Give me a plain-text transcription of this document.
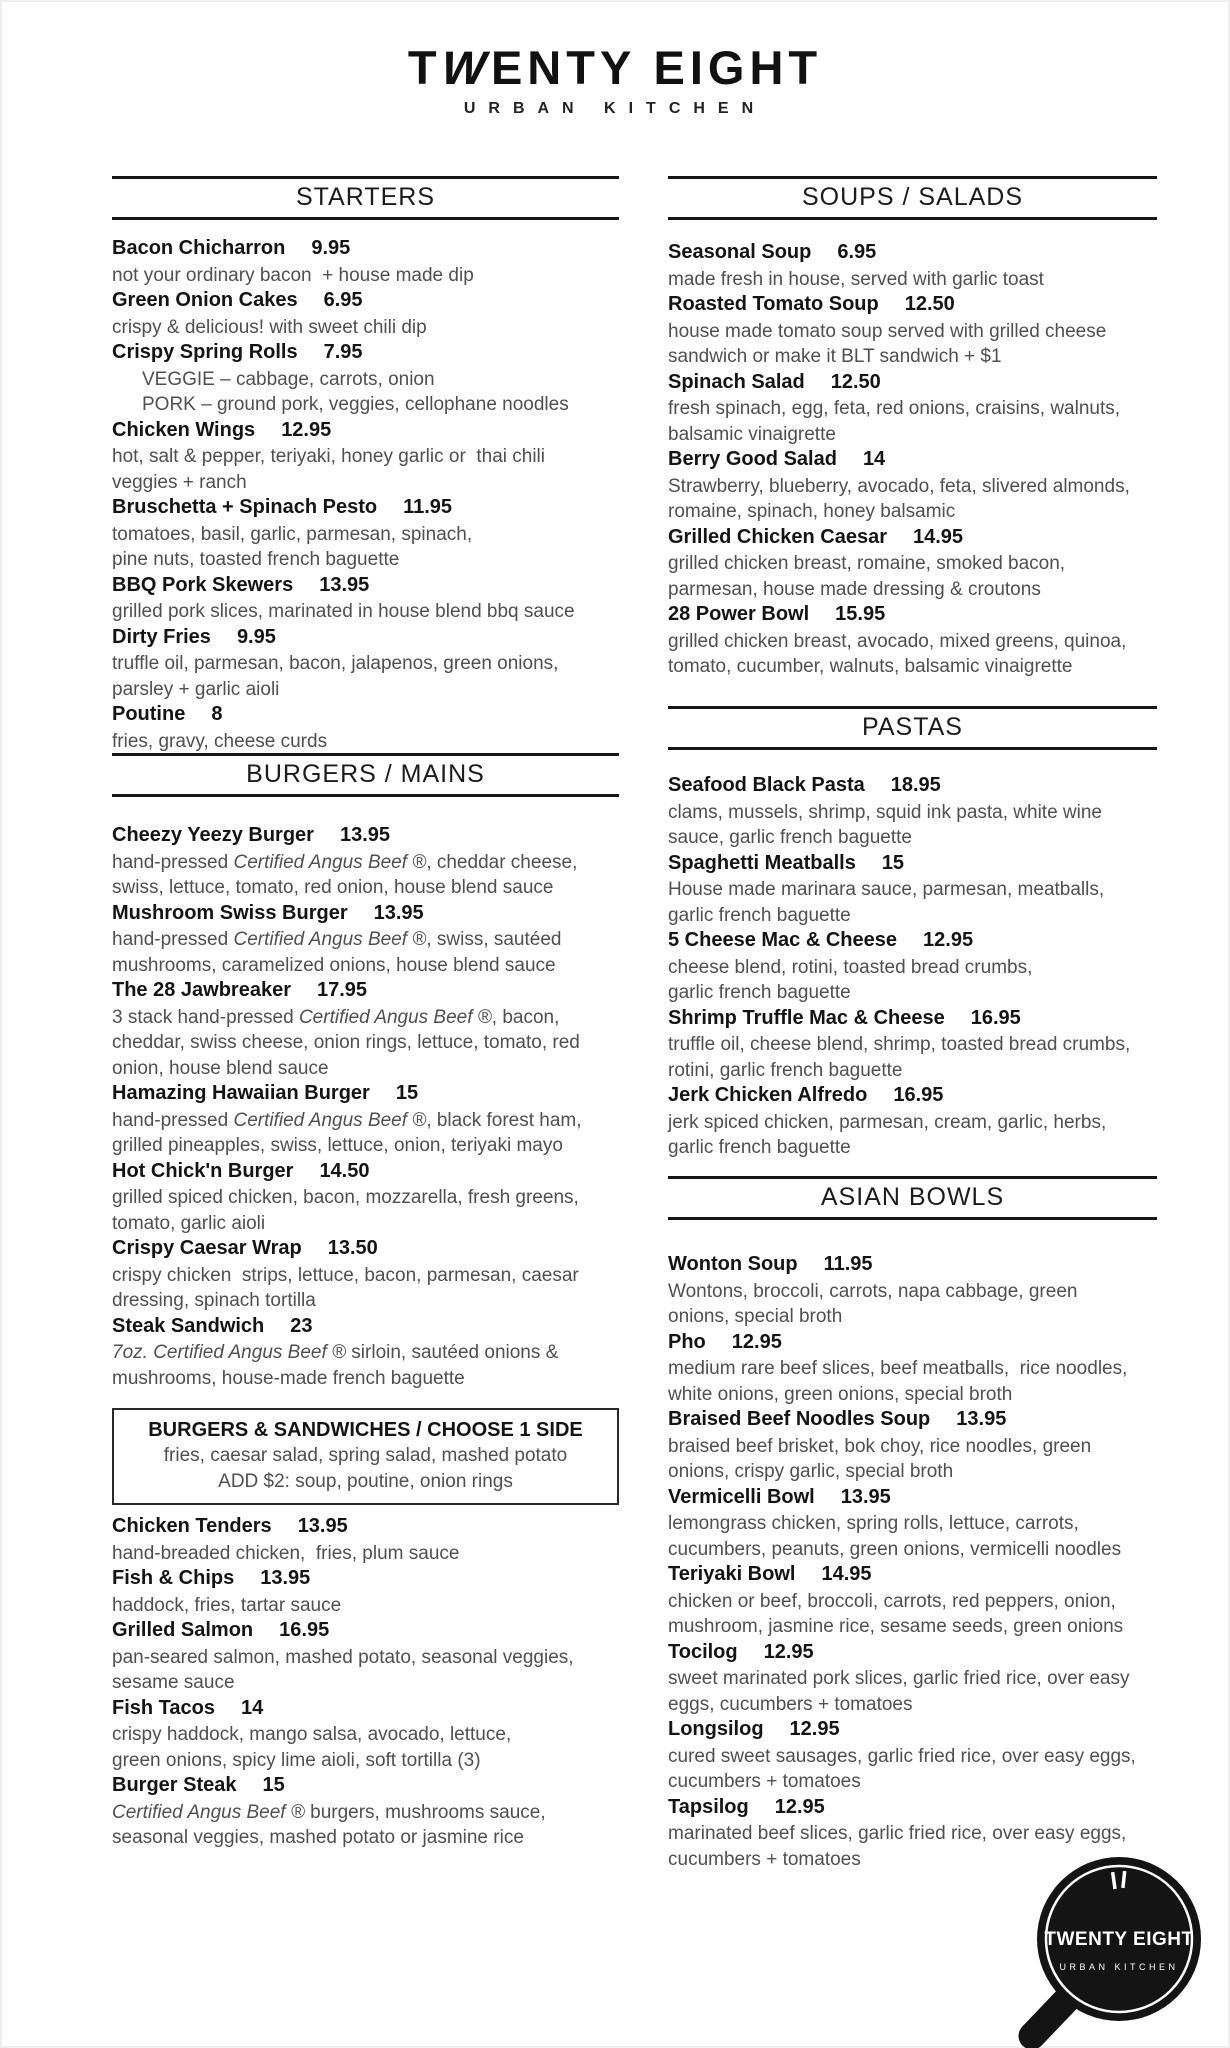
TWENTY EIGHT
URBAN KITCHEN
STARTERS
Bacon Chicharron 9.95
not your ordinary bacon  + house made dip
Green Onion Cakes 6.95
crispy & delicious! with sweet chili dip
Crispy Spring Rolls 7.95
VEGGIE – cabbage, carrots, onion
PORK – ground pork, veggies, cellophane noodles
Chicken Wings 12.95
hot, salt & pepper, teriyaki, honey garlic or  thai chili
veggies + ranch
Bruschetta + Spinach Pesto 11.95
tomatoes, basil, garlic, parmesan, spinach,
pine nuts, toasted french baguette
BBQ Pork Skewers 13.95
grilled pork slices, marinated in house blend bbq sauce
Dirty Fries 9.95
truffle oil, parmesan, bacon, jalapenos, green onions,
parsley + garlic aioli
Poutine 8
fries, gravy, cheese curds
BURGERS / MAINS
Cheezy Yeezy Burger 13.95
hand-pressed Certified Angus Beef ®, cheddar cheese,
swiss, lettuce, tomato, red onion, house blend sauce
Mushroom Swiss Burger 13.95
hand-pressed Certified Angus Beef ®, swiss, sautéed
mushrooms, caramelized onions, house blend sauce
The 28 Jawbreaker 17.95
3 stack hand-pressed Certified Angus Beef ®, bacon,
cheddar, swiss cheese, onion rings, lettuce, tomato, red
onion, house blend sauce
Hamazing Hawaiian Burger 15
hand-pressed Certified Angus Beef ®, black forest ham,
grilled pineapples, swiss, lettuce, onion, teriyaki mayo
Hot Chick'n Burger 14.50
grilled spiced chicken, bacon, mozzarella, fresh greens,
tomato, garlic aioli
Crispy Caesar Wrap 13.50
crispy chicken  strips, lettuce, bacon, parmesan, caesar
dressing, spinach tortilla
Steak Sandwich 23
7oz. Certified Angus Beef ® sirloin, sautéed onions &
mushrooms, house-made french baguette
BURGERS & SANDWICHES / CHOOSE 1 SIDE
fries, caesar salad, spring salad, mashed potato
ADD $2: soup, poutine, onion rings
Chicken Tenders 13.95
hand-breaded chicken,  fries, plum sauce
Fish & Chips 13.95
haddock, fries, tartar sauce
Grilled Salmon 16.95
pan-seared salmon, mashed potato, seasonal veggies,
sesame sauce
Fish Tacos 14
crispy haddock, mango salsa, avocado, lettuce,
green onions, spicy lime aioli, soft tortilla (3)
Burger Steak 15
Certified Angus Beef ® burgers, mushrooms sauce,
seasonal veggies, mashed potato or jasmine rice
SOUPS / SALADS
Seasonal Soup 6.95
made fresh in house, served with garlic toast
Roasted Tomato Soup 12.50
house made tomato soup served with grilled cheese
sandwich or make it BLT sandwich + $1
Spinach Salad 12.50
fresh spinach, egg, feta, red onions, craisins, walnuts,
balsamic vinaigrette
Berry Good Salad 14
Strawberry, blueberry, avocado, feta, slivered almonds,
romaine, spinach, honey balsamic
Grilled Chicken Caesar 14.95
grilled chicken breast, romaine, smoked bacon,
parmesan, house made dressing & croutons
28 Power Bowl 15.95
grilled chicken breast, avocado, mixed greens, quinoa,
tomato, cucumber, walnuts, balsamic vinaigrette
PASTAS
Seafood Black Pasta 18.95
clams, mussels, shrimp, squid ink pasta, white wine
sauce, garlic french baguette
Spaghetti Meatballs 15
House made marinara sauce, parmesan, meatballs,
garlic french baguette
5 Cheese Mac & Cheese 12.95
cheese blend, rotini, toasted bread crumbs,
garlic french baguette
Shrimp Truffle Mac & Cheese 16.95
truffle oil, cheese blend, shrimp, toasted bread crumbs,
rotini, garlic french baguette
Jerk Chicken Alfredo 16.95
jerk spiced chicken, parmesan, cream, garlic, herbs,
garlic french baguette
ASIAN BOWLS
Wonton Soup 11.95
Wontons, broccoli, carrots, napa cabbage, green
onions, special broth
Pho 12.95
medium rare beef slices, beef meatballs,  rice noodles,
white onions, green onions, special broth
Braised Beef Noodles Soup 13.95
braised beef brisket, bok choy, rice noodles, green
onions, crispy garlic, special broth
Vermicelli Bowl 13.95
lemongrass chicken, spring rolls, lettuce, carrots,
cucumbers, peanuts, green onions, vermicelli noodles
Teriyaki Bowl 14.95
chicken or beef, broccoli, carrots, red peppers, onion,
mushroom, jasmine rice, sesame seeds, green onions
Tocilog 12.95
sweet marinated pork slices, garlic fried rice, over easy
eggs, cucumbers + tomatoes
Longsilog 12.95
cured sweet sausages, garlic fried rice, over easy eggs,
cucumbers + tomatoes
Tapsilog 12.95
marinated beef slices, garlic fried rice, over easy eggs,
cucumbers + tomatoes
TWENTY EIGHT
URBAN KITCHEN
